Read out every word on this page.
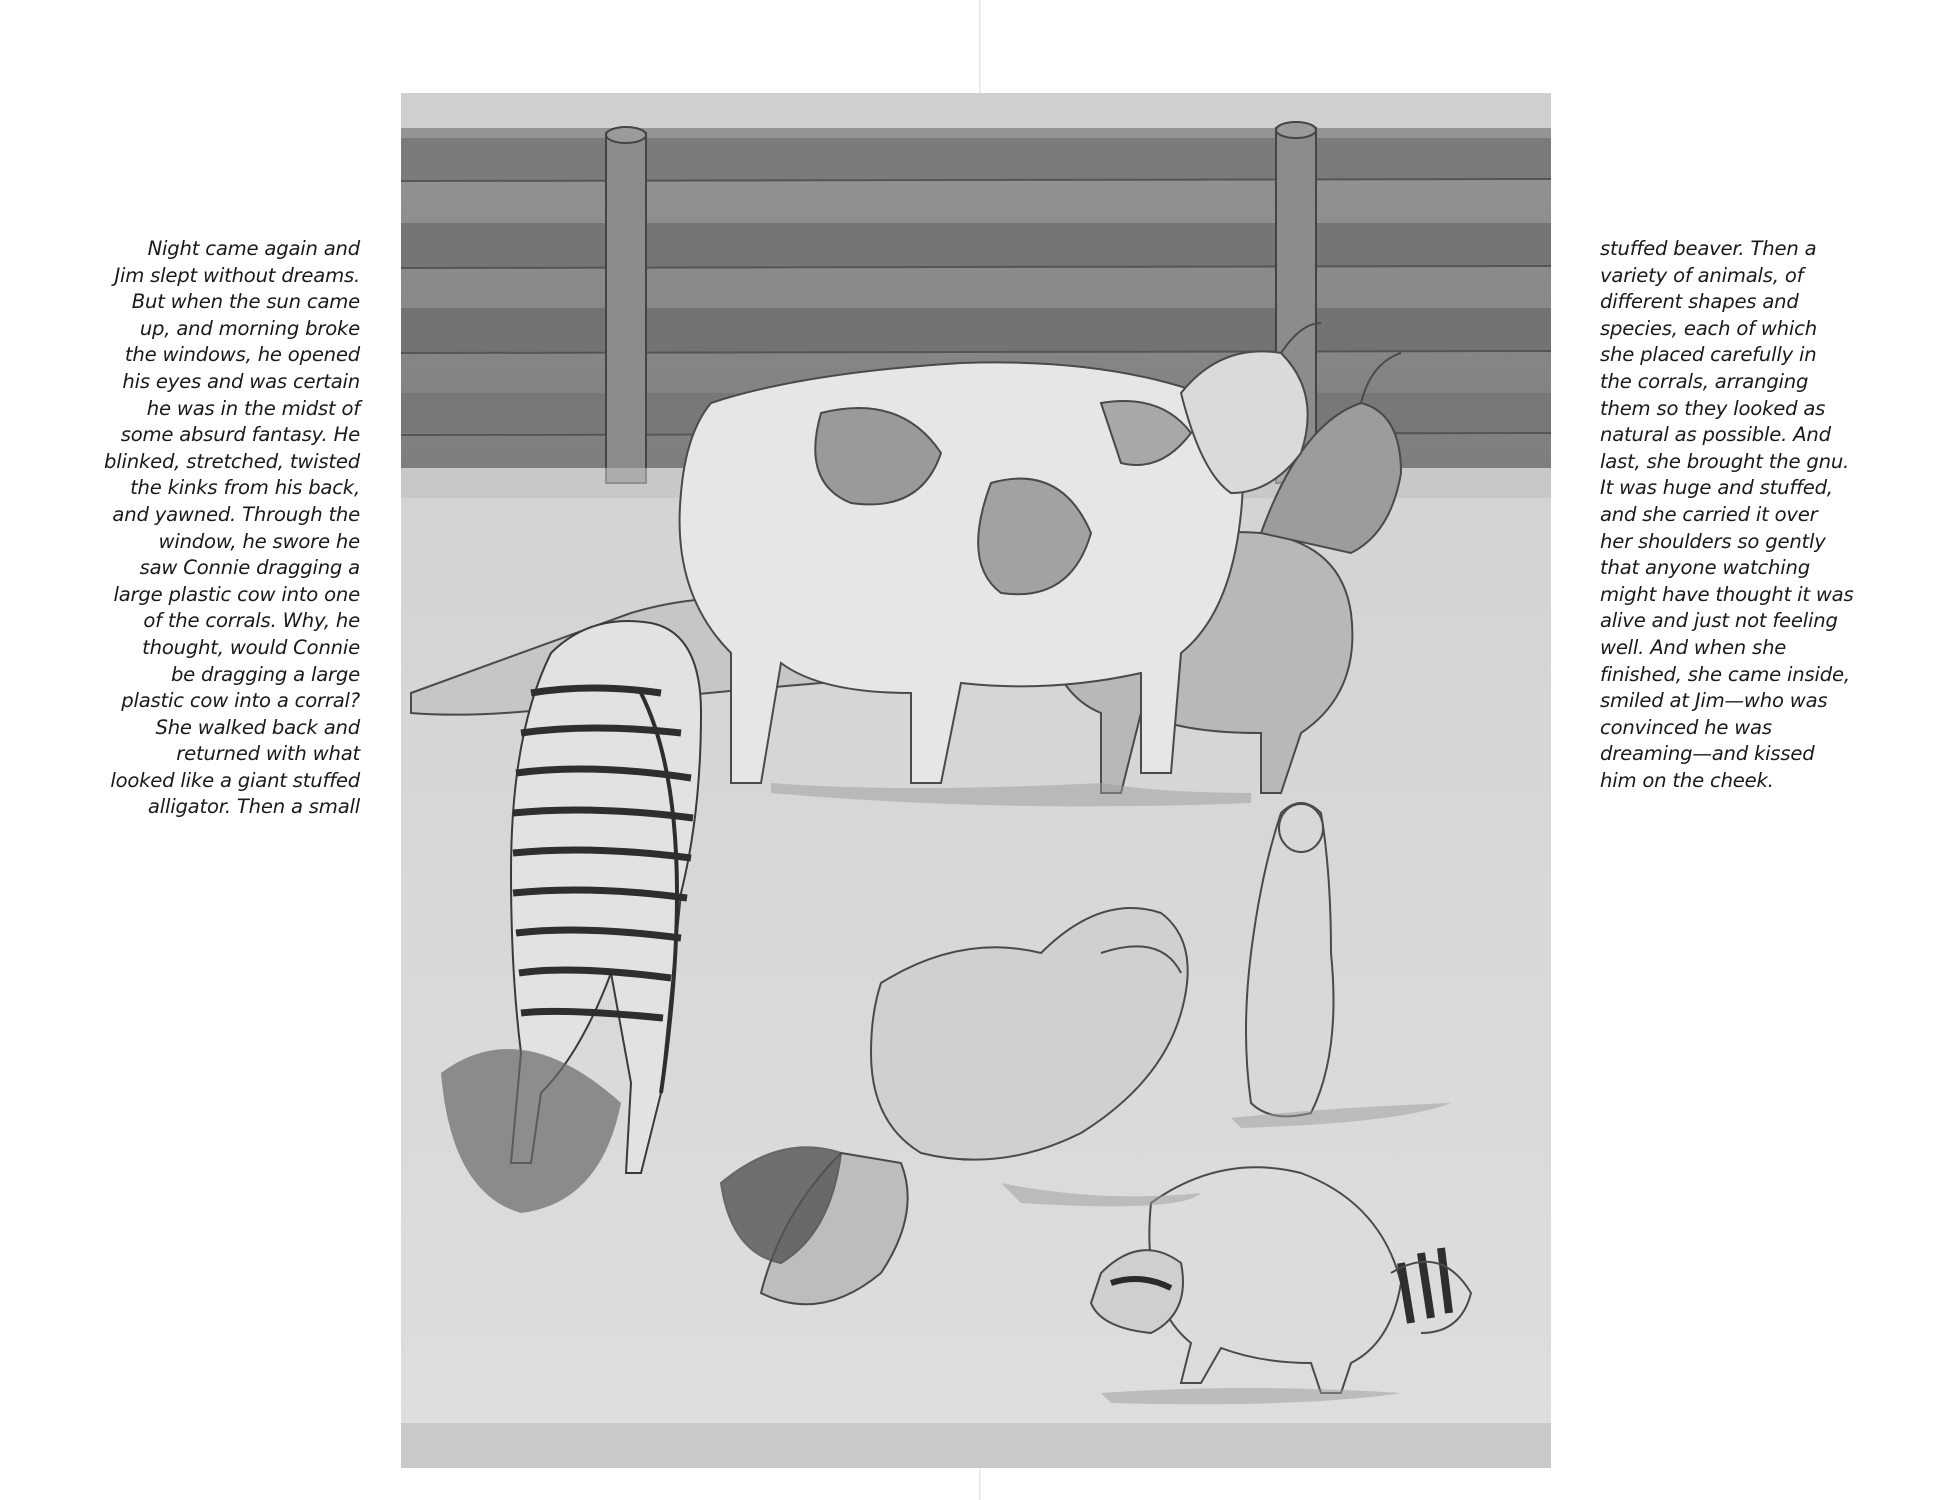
Night came again and
Jim slept without dreams.
But when the sun came
up, and morning broke
the windows, he opened
his eyes and was certain
he was in the midst of
some absurd fantasy. He
blinked, stretched, twisted
the kinks from his back,
and yawned. Through the
window, he swore he
saw Connie dragging a
large plastic cow into one
of the corrals. Why, he
thought, would Connie
be dragging a large
plastic cow into a corral?
She walked back and
returned with what
looked like a giant stuffed
alligator. Then a small
stuffed beaver. Then a
variety of animals, of
different shapes and
species, each of which
she placed carefully in
the corrals, arranging
them so they looked as
natural as possible. And
last, she brought the gnu.
It was huge and stuffed,
and she carried it over
her shoulders so gently
that anyone watching
might have thought it was
alive and just not feeling
well. And when she
finished, she came inside,
smiled at Jim—who was
convinced he was
dreaming—and kissed
him on the cheek.
